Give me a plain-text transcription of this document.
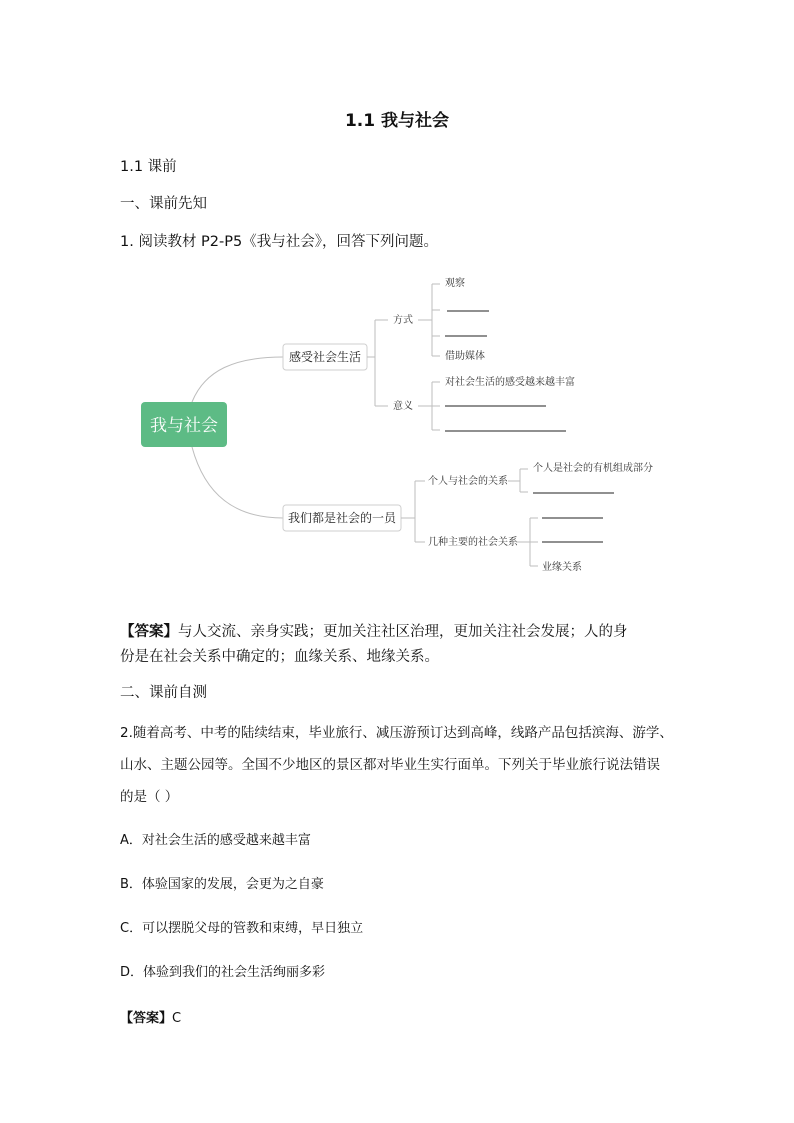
1.1 我与社会
1.1 课前
一、课前先知
1. 阅读教材 P2-P5《我与社会》，回答下列问题。
我与社会
感受社会生活
方式
意义
观察
借助媒体
对社会生活的感受越来越丰富
我们都是社会的一员
个人与社会的关系
几种主要的社会关系
个人是社会的有机组成部分
业缘关系
【答案】与人交流、亲身实践；更加关注社区治理，更加关注社会发展；人的身
份是在社会关系中确定的；血缘关系、地缘关系。
二、课前自测
2.随着高考、中考的陆续结束，毕业旅行、减压游预订达到高峰，线路产品包括滨海、游学、
山水、主题公园等。全国不少地区的景区都对毕业生实行面单。下列关于毕业旅行说法错误
的是（ ）
A．对社会生活的感受越来越丰富
B．体验国家的发展，会更为之自豪
C．可以摆脱父母的管教和束缚，早日独立
D．体验到我们的社会生活绚丽多彩
【答案】C
